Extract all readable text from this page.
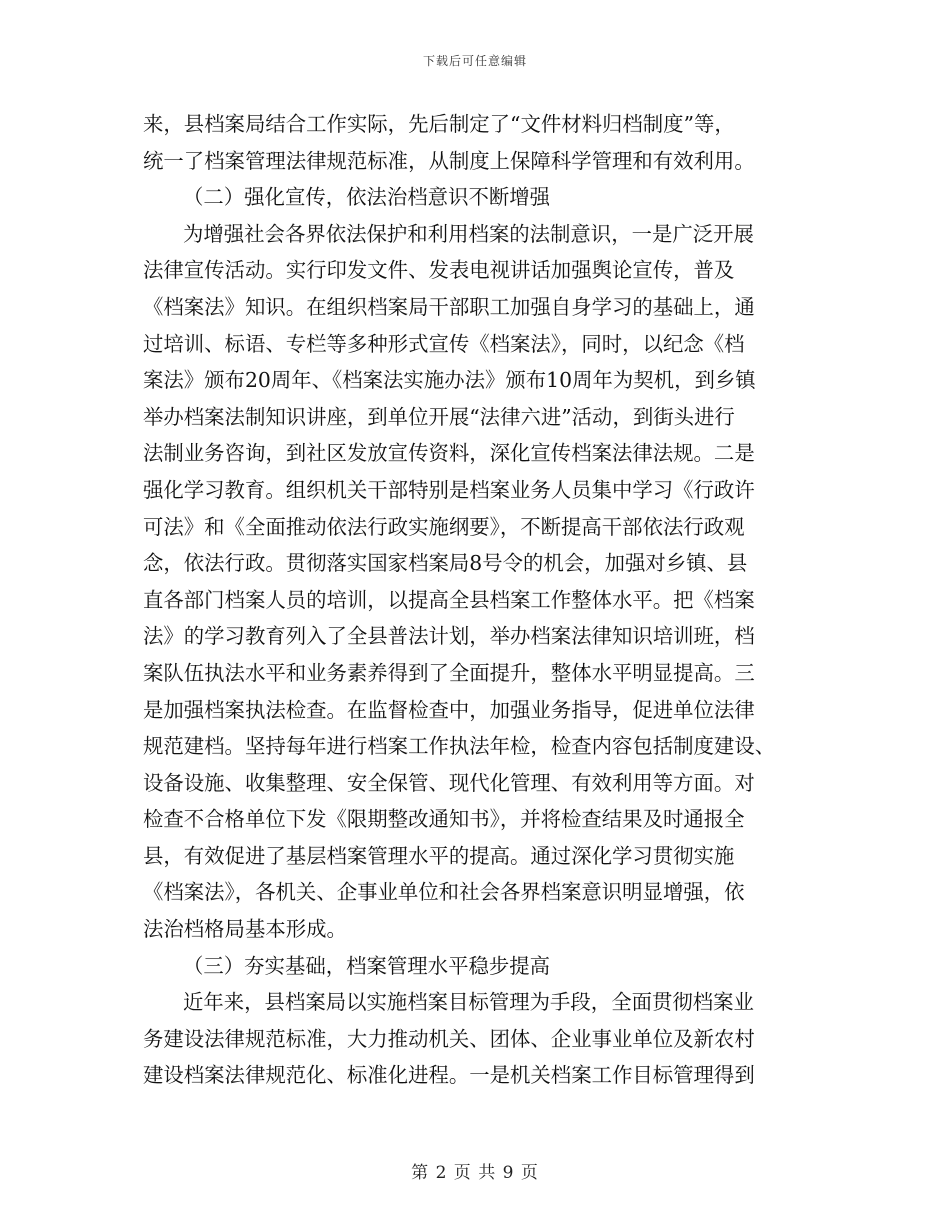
下载后可任意编辑
来，县档案局结合工作实际，先后制定了“文件材料归档制度”等，
统一了档案管理法律规范标准，从制度上保障科学管理和有效利用。
（二）强化宣传，依法治档意识不断增强
为增强社会各界依法保护和利用档案的法制意识，一是广泛开展
法律宣传活动。实行印发文件、发表电视讲话加强舆论宣传，普及
《档案法》知识。在组织档案局干部职工加强自身学习的基础上，通
过培训、标语、专栏等多种形式宣传《档案法》，同时，以纪念《档
案法》颁布20周年、《档案法实施办法》颁布10周年为契机，到乡镇
举办档案法制知识讲座，到单位开展“法律六进”活动，到街头进行
法制业务咨询，到社区发放宣传资料，深化宣传档案法律法规。二是
强化学习教育。组织机关干部特别是档案业务人员集中学习《行政许
可法》和《全面推动依法行政实施纲要》，不断提高干部依法行政观
念，依法行政。贯彻落实国家档案局8号令的机会，加强对乡镇、县
直各部门档案人员的培训，以提高全县档案工作整体水平。把《档案
法》的学习教育列入了全县普法计划，举办档案法律知识培训班，档
案队伍执法水平和业务素养得到了全面提升，整体水平明显提高。三
是加强档案执法检查。在监督检查中，加强业务指导，促进单位法律
规范建档。坚持每年进行档案工作执法年检，检查内容包括制度建设、
设备设施、收集整理、安全保管、现代化管理、有效利用等方面。对
检查不合格单位下发《限期整改通知书》，并将检查结果及时通报全
县，有效促进了基层档案管理水平的提高。通过深化学习贯彻实施
《档案法》，各机关、企事业单位和社会各界档案意识明显增强，依
法治档格局基本形成。
（三）夯实基础，档案管理水平稳步提高
近年来，县档案局以实施档案目标管理为手段，全面贯彻档案业
务建设法律规范标准，大力推动机关、团体、企业事业单位及新农村
建设档案法律规范化、标准化进程。一是机关档案工作目标管理得到
第 2 页 共 9 页
